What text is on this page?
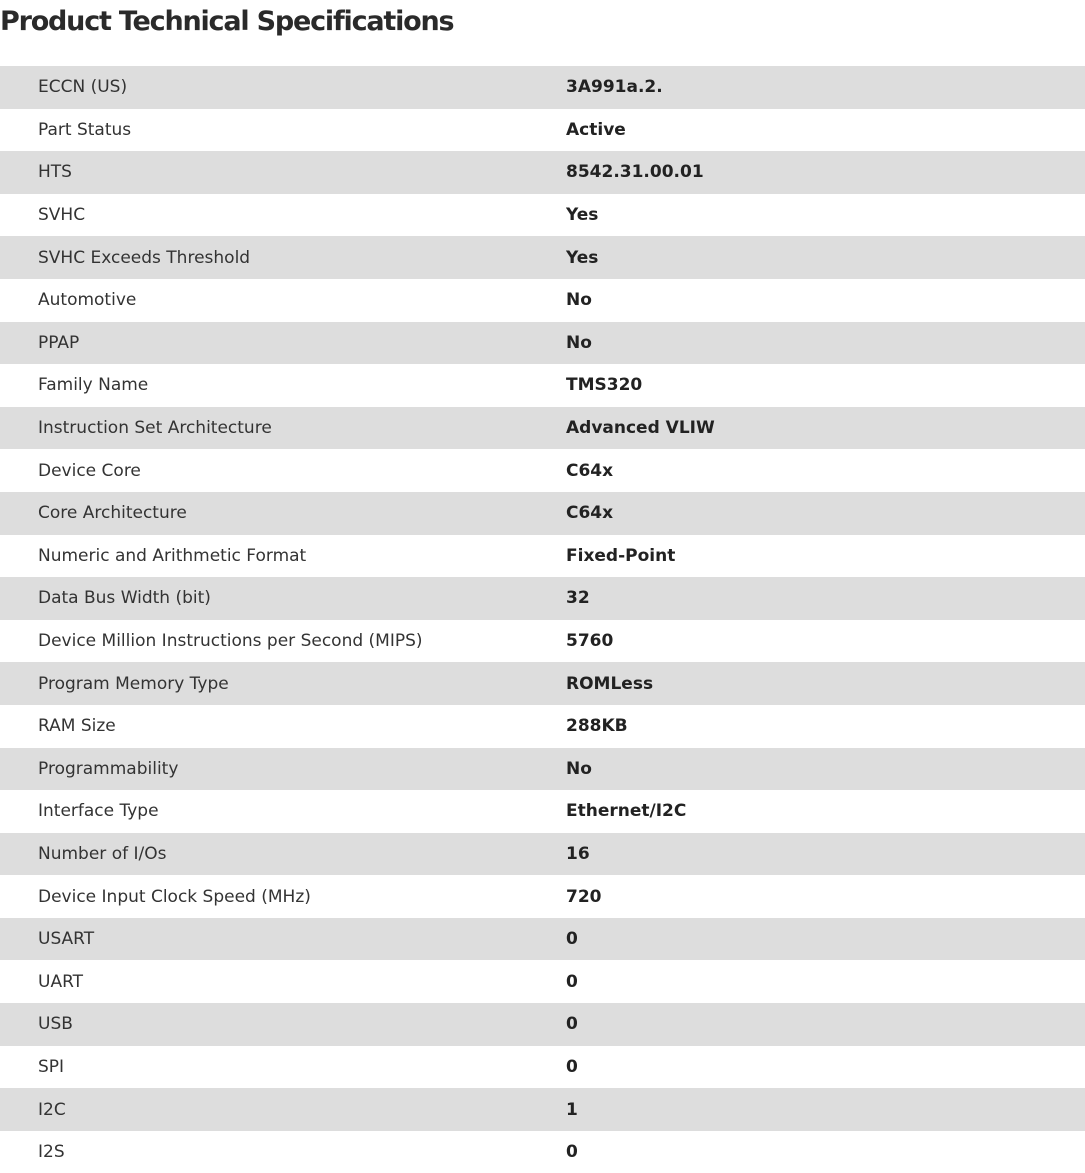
Product Technical Specifications
ECCN (US)	3A991a.2.
Part Status	Active
HTS	8542.31.00.01
SVHC	Yes
SVHC Exceeds Threshold	Yes
Automotive	No
PPAP	No
Family Name	TMS320
Instruction Set Architecture	Advanced VLIW
Device Core	C64x
Core Architecture	C64x
Numeric and Arithmetic Format	Fixed-Point
Data Bus Width (bit)	32
Device Million Instructions per Second (MIPS)	5760
Program Memory Type	ROMLess
RAM Size	288KB
Programmability	No
Interface Type	Ethernet/I2C
Number of I/Os	16
Device Input Clock Speed (MHz)	720
USART	0
UART	0
USB	0
SPI	0
I2C	1
I2S	0
